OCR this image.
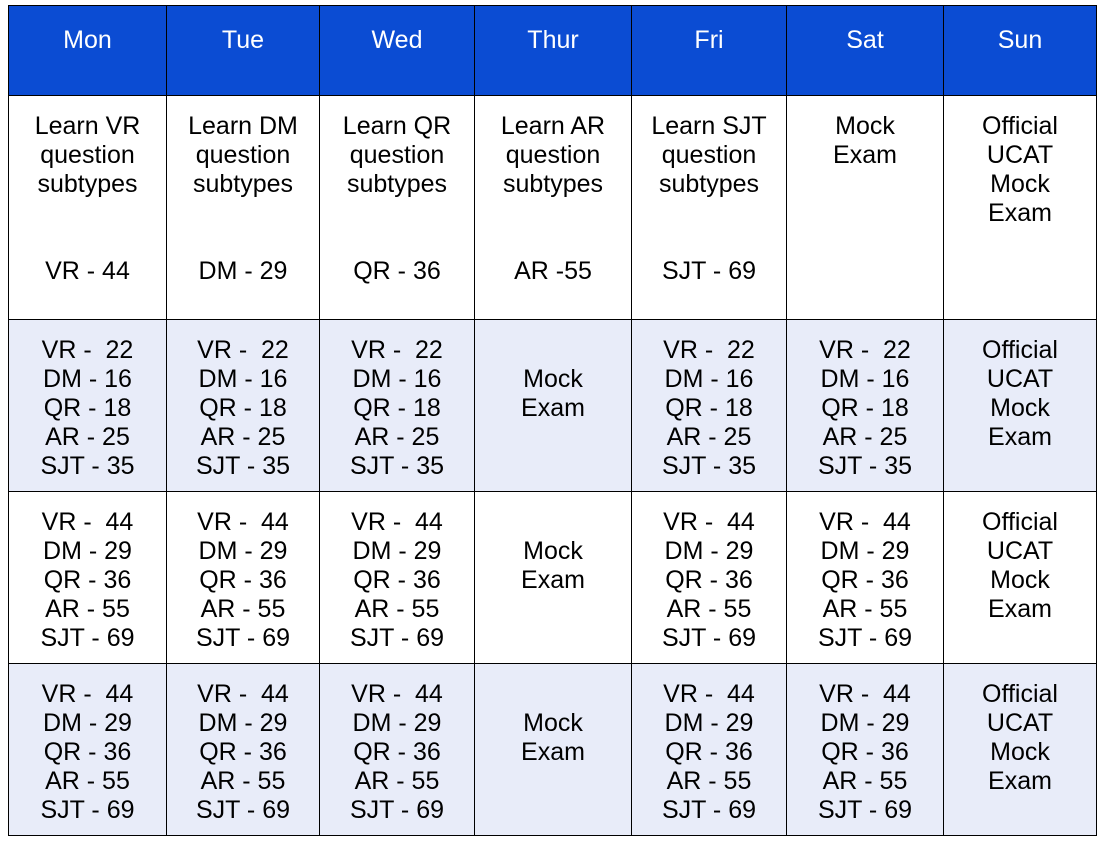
Mon	Tue	Wed	Thur	Fri	Sat	Sun

Learn VR
question
subtypes
VR - 44	Learn DM
question
subtypes
DM - 29	Learn QR
question
subtypes
QR - 36	Learn AR
question
subtypes
AR -55	Learn SJT
question
subtypes
SJT - 69	Mock
Exam	Official
UCAT
Mock
Exam

VR -  22
DM - 16
QR - 18
AR - 25
SJT - 35	VR -  22
DM - 16
QR - 18
AR - 25
SJT - 35	VR -  22
DM - 16
QR - 18
AR - 25
SJT - 35	Mock
Exam	VR -  22
DM - 16
QR - 18
AR - 25
SJT - 35	VR -  22
DM - 16
QR - 18
AR - 25
SJT - 35	Official
UCAT
Mock
Exam

VR -  44
DM - 29
QR - 36
AR - 55
SJT - 69	VR -  44
DM - 29
QR - 36
AR - 55
SJT - 69	VR -  44
DM - 29
QR - 36
AR - 55
SJT - 69	Mock
Exam	VR -  44
DM - 29
QR - 36
AR - 55
SJT - 69	VR -  44
DM - 29
QR - 36
AR - 55
SJT - 69	Official
UCAT
Mock
Exam

VR -  44
DM - 29
QR - 36
AR - 55
SJT - 69	VR -  44
DM - 29
QR - 36
AR - 55
SJT - 69	VR -  44
DM - 29
QR - 36
AR - 55
SJT - 69	Mock
Exam	VR -  44
DM - 29
QR - 36
AR - 55
SJT - 69	VR -  44
DM - 29
QR - 36
AR - 55
SJT - 69	Official
UCAT
Mock
Exam
